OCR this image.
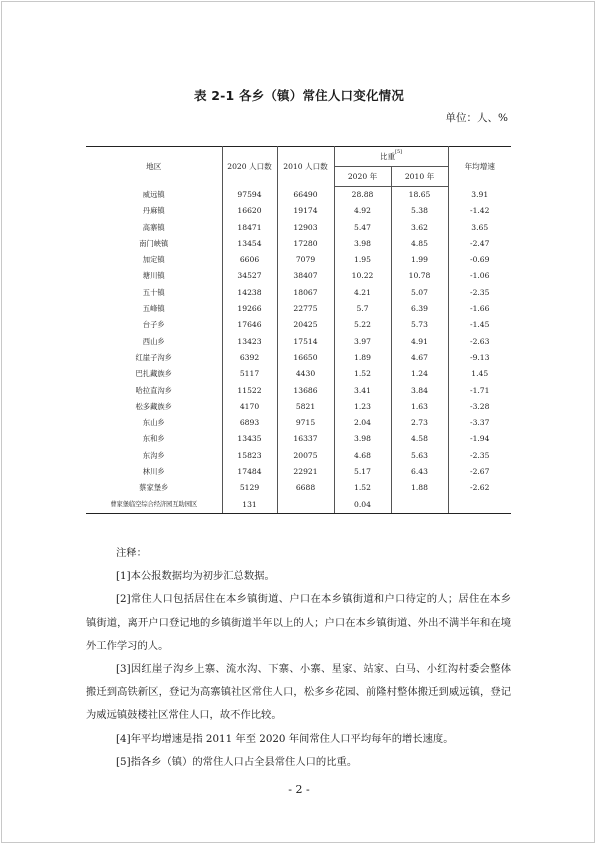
表 2-1 各乡（镇）常住人口变化情况
单位：人、%
地区	2020 人口数	2010 人口数	比重[5]		年均增速
			2020 年	2010 年	
威远镇	97594	66490	28.88	18.65	3.91
丹麻镇	16620	19174	4.92	5.38	-1.42
高寨镇	18471	12903	5.47	3.62	3.65
南门峡镇	13454	17280	3.98	4.85	-2.47
加定镇	6606	7079	1.95	1.99	-0.69
塘川镇	34527	38407	10.22	10.78	-1.06
五十镇	14238	18067	4.21	5.07	-2.35
五峰镇	19266	22775	5.7	6.39	-1.66
台子乡	17646	20425	5.22	5.73	-1.45
西山乡	13423	17514	3.97	4.91	-2.63
红崖子沟乡	6392	16650	1.89	4.67	-9.13
巴扎藏族乡	5117	4430	1.52	1.24	1.45
哈拉直沟乡	11522	13686	3.41	3.84	-1.71
松多藏族乡	4170	5821	1.23	1.63	-3.28
东山乡	6893	9715	2.04	2.73	-3.37
东和乡	13435	16337	3.98	4.58	-1.94
东沟乡	15823	20075	4.68	5.63	-2.35
林川乡	17484	22921	5.17	6.43	-2.67
蔡家堡乡	5129	6688	1.52	1.88	-2.62
曹家堡临空综合经济园互助园区	131		0.04		
注释：

[1]本公报数据均为初步汇总数据。

[2]常住人口包括居住在本乡镇街道、户口在本乡镇街道和户口待定的人；居住在本乡镇街道，离开户口登记地的乡镇街道半年以上的人；户口在本乡镇街道、外出不满半年和在境外工作学习的人。

[3]因红崖子沟乡上寨、流水沟、下寨、小寨、星家、站家、白马、小红沟村委会整体搬迁到高铁新区，登记为高寨镇社区常住人口，松多乡花园、前隆村整体搬迁到威远镇，登记为威远镇鼓楼社区常住人口，故不作比较。

[4]年平均增速是指 2011 年至 2020 年间常住人口平均每年的增长速度。

[5]指各乡（镇）的常住人口占全县常住人口的比重。

- 2 -
